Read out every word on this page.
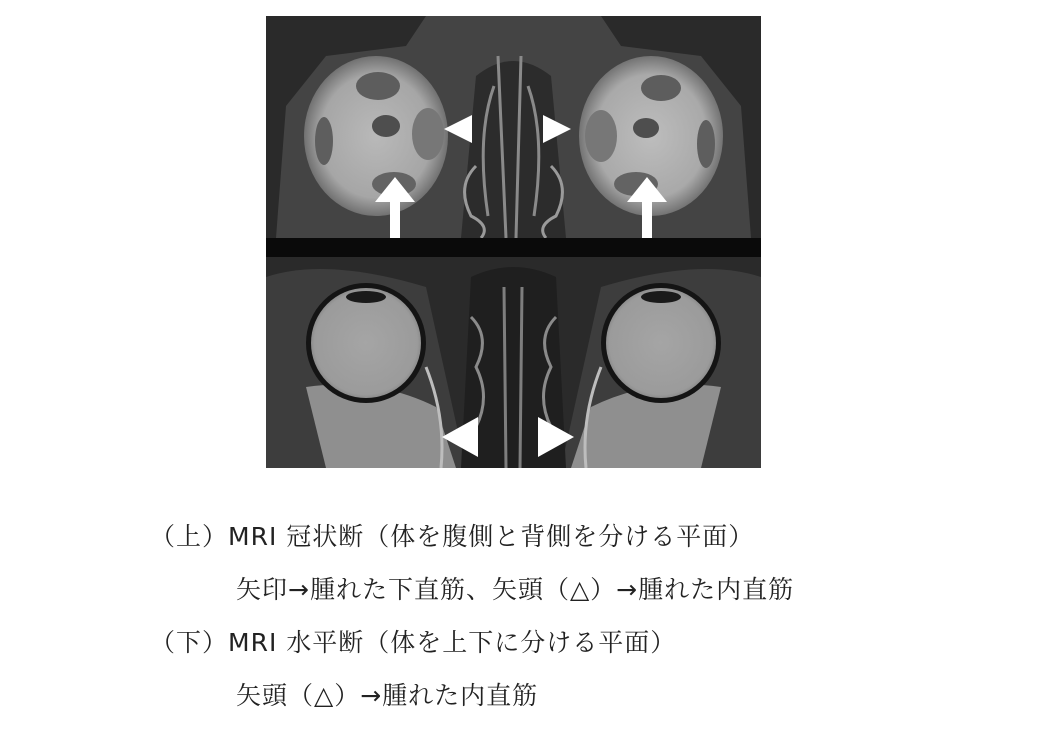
（上）MRI 冠状断（体を腹側と背側を分ける平面）
矢印→腫れた下直筋、矢頭（△）→腫れた内直筋
（下）MRI 水平断（体を上下に分ける平面）
矢頭（△）→腫れた内直筋
